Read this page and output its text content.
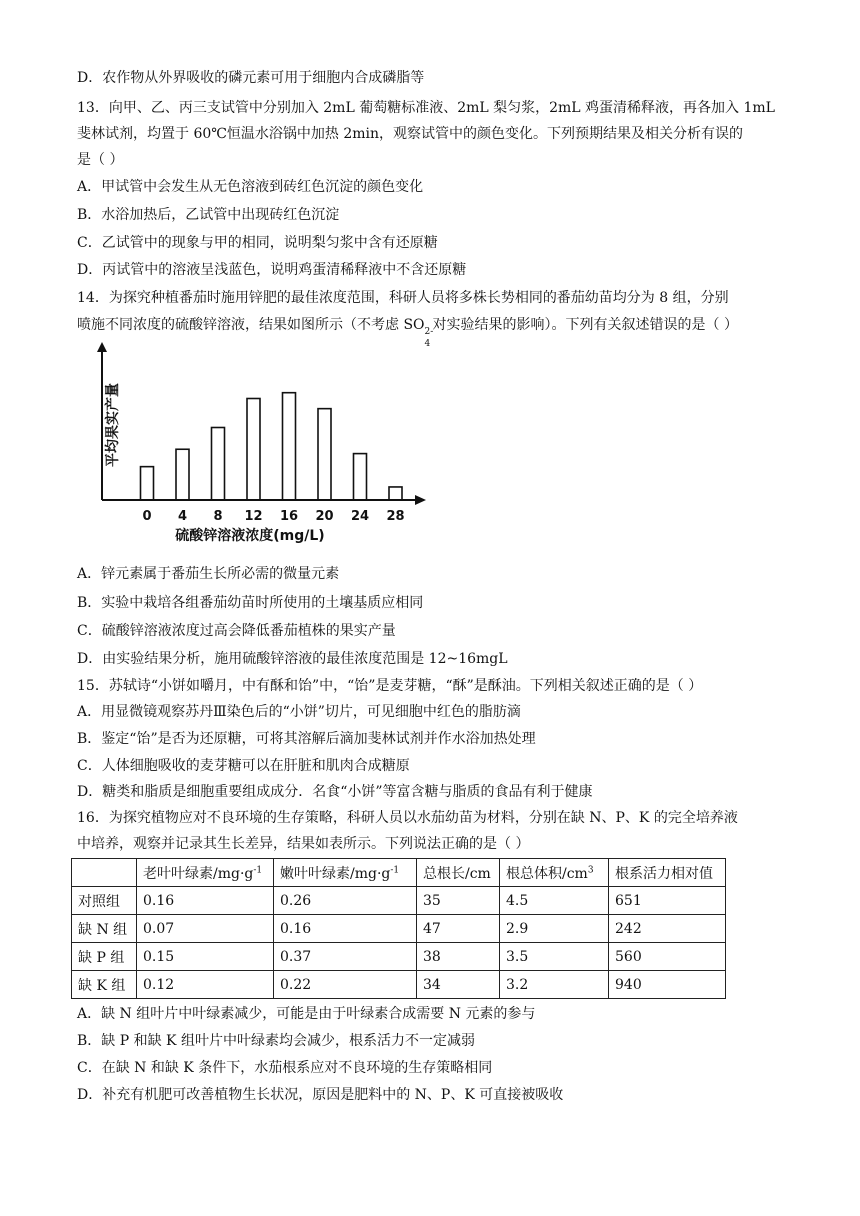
D．农作物从外界吸收的磷元素可用于细胞内合成磷脂等
13．向甲、乙、丙三支试管中分别加入 2mL 葡萄糖标准液、2mL 梨匀浆，2mL 鸡蛋清稀释液，再各加入 1mL
斐林试剂，均置于 60℃恒温水浴锅中加热 2min，观察试管中的颜色变化。下列预期结果及相关分析有误的
是（ ）
A．甲试管中会发生从无色溶液到砖红色沉淀的颜色变化
B．水浴加热后，乙试管中出现砖红色沉淀
C．乙试管中的现象与甲的相同，说明梨匀浆中含有还原糖
D．丙试管中的溶液呈浅蓝色，说明鸡蛋清稀释液中不含还原糖
14．为探究种植番茄时施用锌肥的最佳浓度范围，科研人员将多株长势相同的番茄幼苗均分为 8 组，分别
喷施不同浓度的硫酸锌溶液，结果如图所示（不考虑 SO 2-
4
对实验结果的影响）。下列有关叙述错误的是（ ）
0 4 8 12 16 20 24 28
平均果实产量
硫酸锌溶液浓度(mg/L)
A．锌元素属于番茄生长所必需的微量元素
B．实验中栽培各组番茄幼苗时所使用的土壤基质应相同
C．硫酸锌溶液浓度过高会降低番茄植株的果实产量
D．由实验结果分析，施用硫酸锌溶液的最佳浓度范围是 12~16mgL
15．苏轼诗“小饼如嚼月，中有酥和饴”中，“饴”是麦芽糖，“酥”是酥油。下列相关叙述正确的是（ ）
A．用显微镜观察苏丹Ⅲ染色后的“小饼”切片，可见细胞中红色的脂肪滴
B．鉴定“饴”是否为还原糖，可将其溶解后滴加斐林试剂并作水浴加热处理
C．人体细胞吸收的麦芽糖可以在肝脏和肌肉合成糖原
D．糖类和脂质是细胞重要组成成分．名食“小饼”等富含糖与脂质的食品有利于健康
16．为探究植物应对不良环境的生存策略，科研人员以水茄幼苗为材料，分别在缺 N、P、K 的完全培养液
中培养，观察并记录其生长差异，结果如表所示。下列说法正确的是（ ）
	老叶叶绿素$/mg\cdot g^{-1}$	嫩叶叶绿素$/mg\cdot g^{-1}$	总根长/cm	根总体积$/cm^3$	根系活力相对值
对照组	0.16	0.26	35	4.5	651
缺 N 组	0.07	0.16	47	2.9	242
缺 P 组	0.15	0.37	38	3.5	560
缺 K 组	0.12	0.22	34	3.2	940
A．缺 N 组叶片中叶绿素减少，可能是由于叶绿素合成需要 N 元素的参与
B．缺 P 和缺 K 组叶片中叶绿素均会减少，根系活力不一定减弱
C．在缺 N 和缺 K 条件下，水茄根系应对不良环境的生存策略相同
D．补充有机肥可改善植物生长状况，原因是肥料中的 N、P、K 可直接被吸收
